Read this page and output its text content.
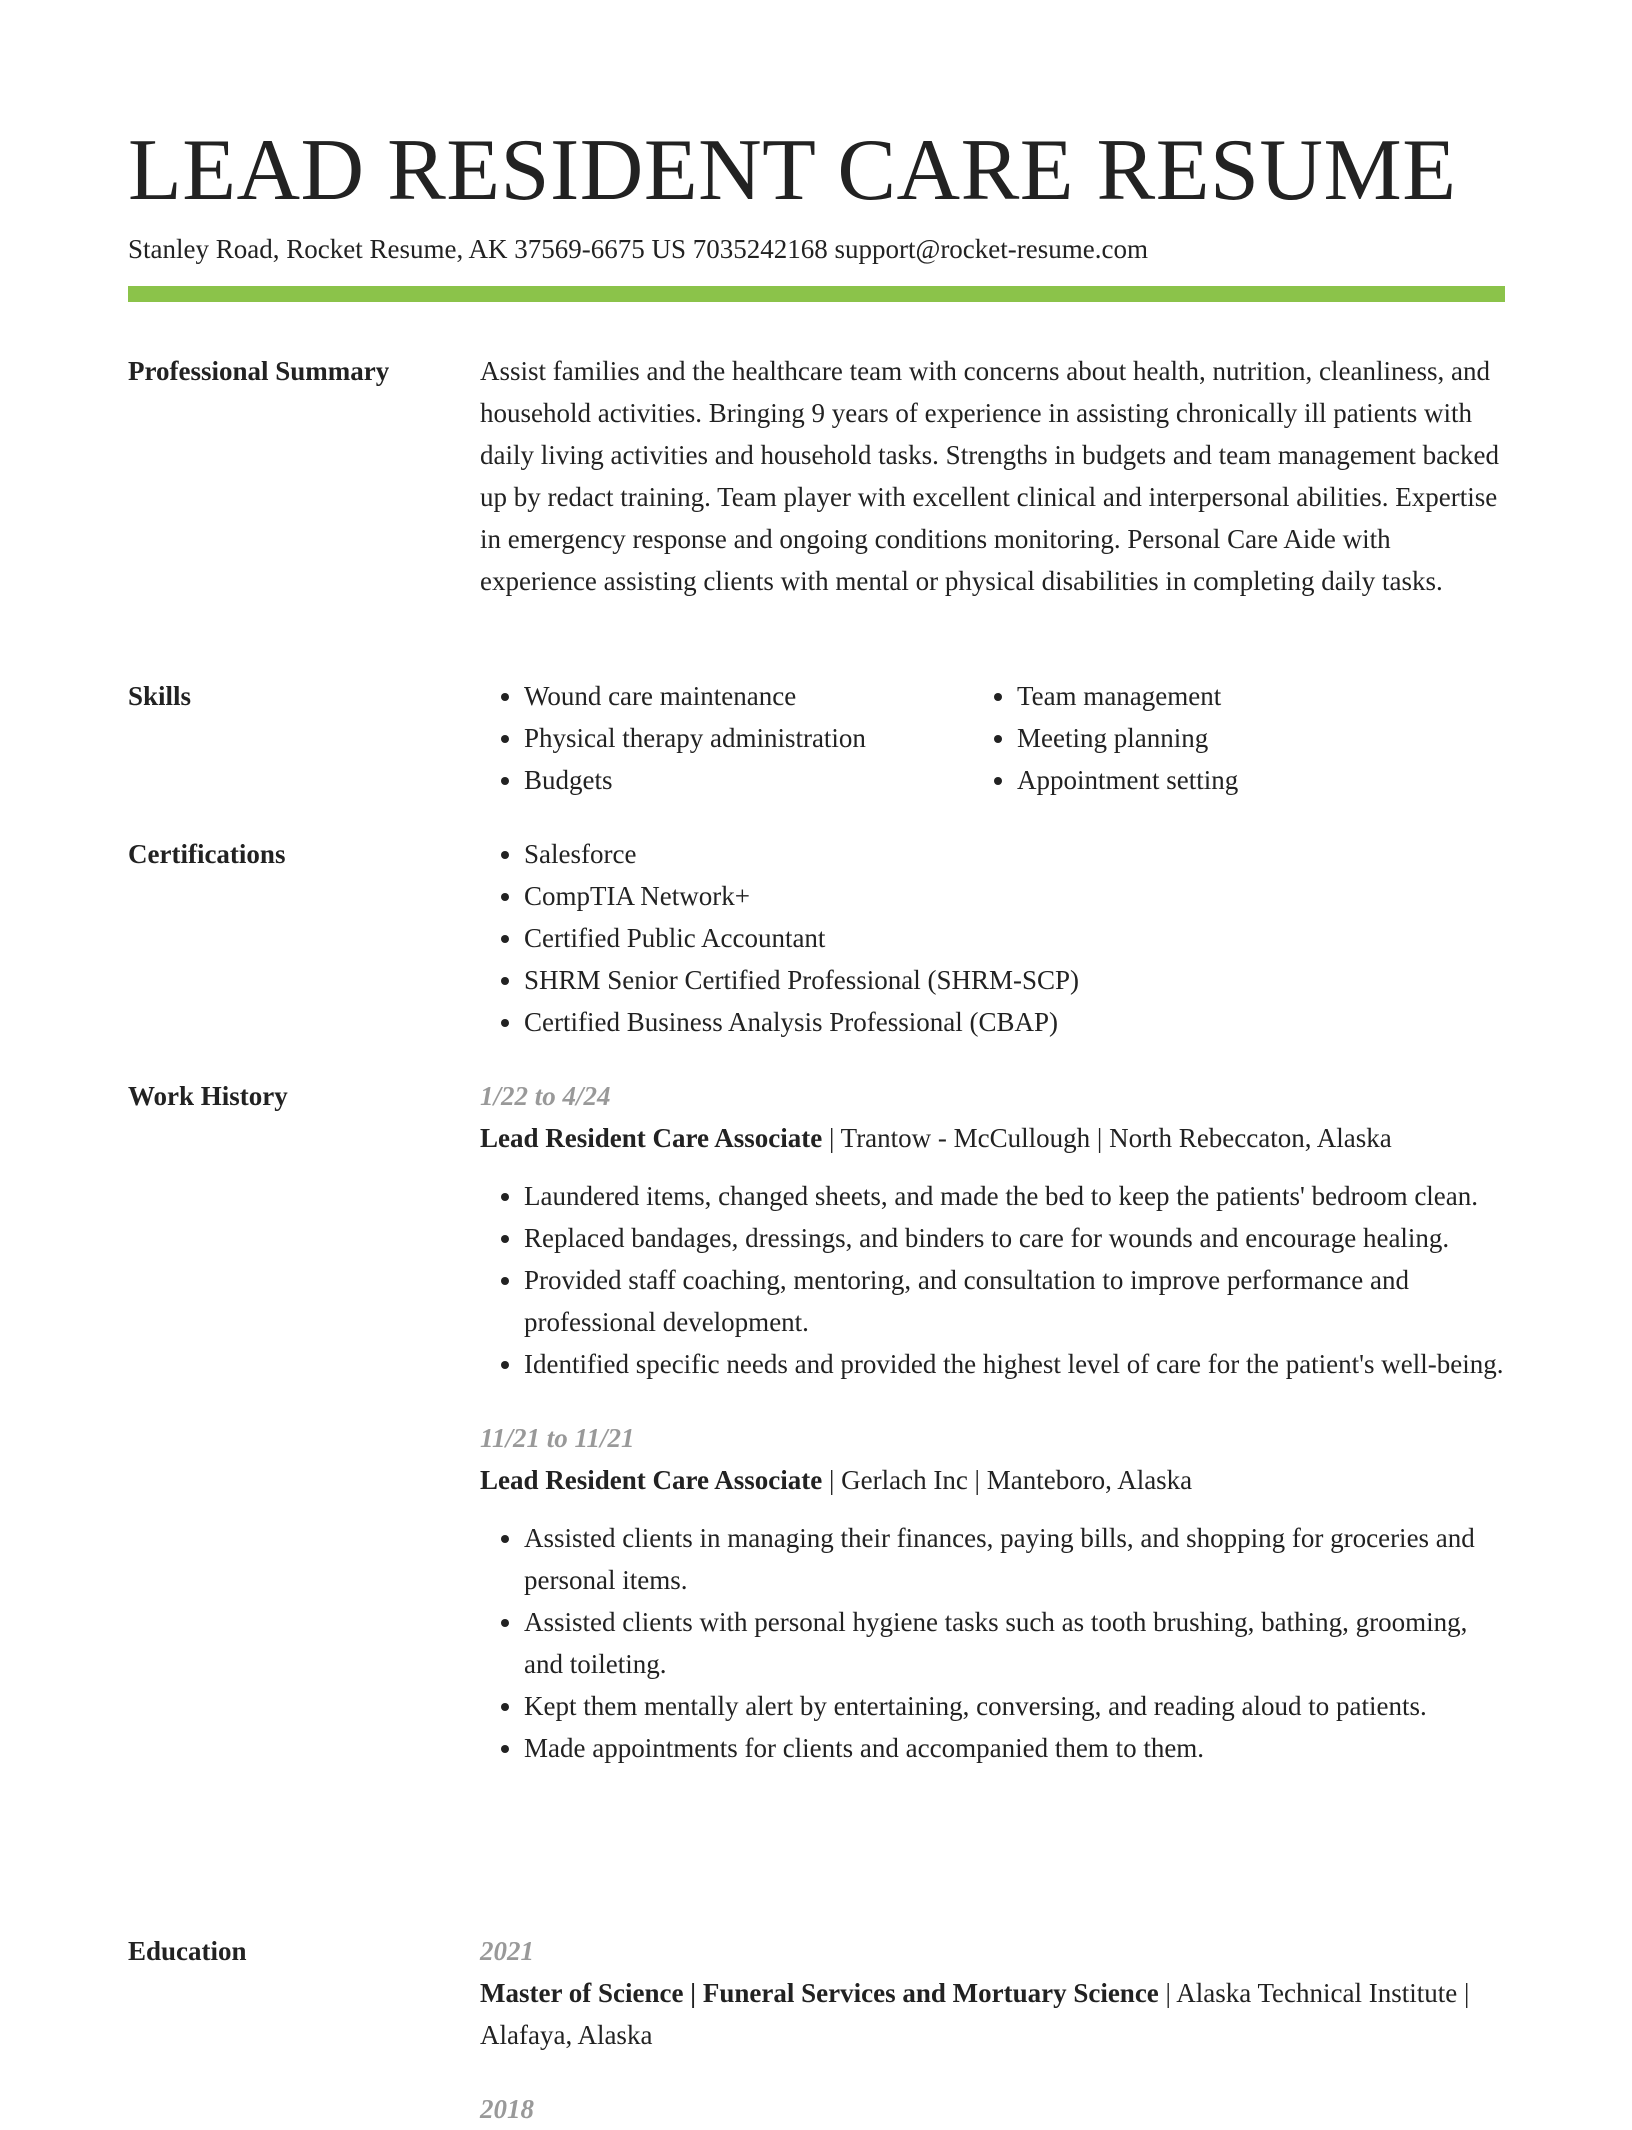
LEAD RESIDENT CARE RESUME
Stanley Road, Rocket Resume, AK 37569-6675 US 7035242168 support@rocket-resume.com
Professional Summary	Assist families and the healthcare team with concerns about health, nutrition, cleanliness, and household activities. Bringing 9 years of experience in assisting chronically ill patients with daily living activities and household tasks. Strengths in budgets and team management backed up by redact training. Team player with excellent clinical and interpersonal abilities. Expertise in emergency response and ongoing conditions monitoring. Personal Care Aide with experience assisting clients with mental or physical disabilities in completing daily tasks.

Skills	• Wound care maintenance
• Physical therapy administration
• Budgets
• Team management
• Meeting planning
• Appointment setting
Certifications	• Salesforce
• CompTIA Network+
• Certified Public Accountant
• SHRM Senior Certified Professional (SHRM-SCP)
• Certified Business Analysis Professional (CBAP)
Work History	1/22 to 4/24
Lead Resident Care Associate | Trantow - McCullough | North Rebeccaton, Alaska
• Laundered items, changed sheets, and made the bed to keep the patients' bedroom clean.
• Replaced bandages, dressings, and binders to care for wounds and encourage healing.
• Provided staff coaching, mentoring, and consultation to improve performance and professional development.
• Identified specific needs and provided the highest level of care for the patient's well-being.
11/21 to 11/21
Lead Resident Care Associate | Gerlach Inc | Manteboro, Alaska
• Assisted clients in managing their finances, paying bills, and shopping for groceries and personal items.
• Assisted clients with personal hygiene tasks such as tooth brushing, bathing, grooming, and toileting.
• Kept them mentally alert by entertaining, conversing, and reading aloud to patients.
• Made appointments for clients and accompanied them to them.
Education	2021
Master of Science | Funeral Services and Mortuary Science | Alaska Technical Institute | Alafaya, Alaska
2018
